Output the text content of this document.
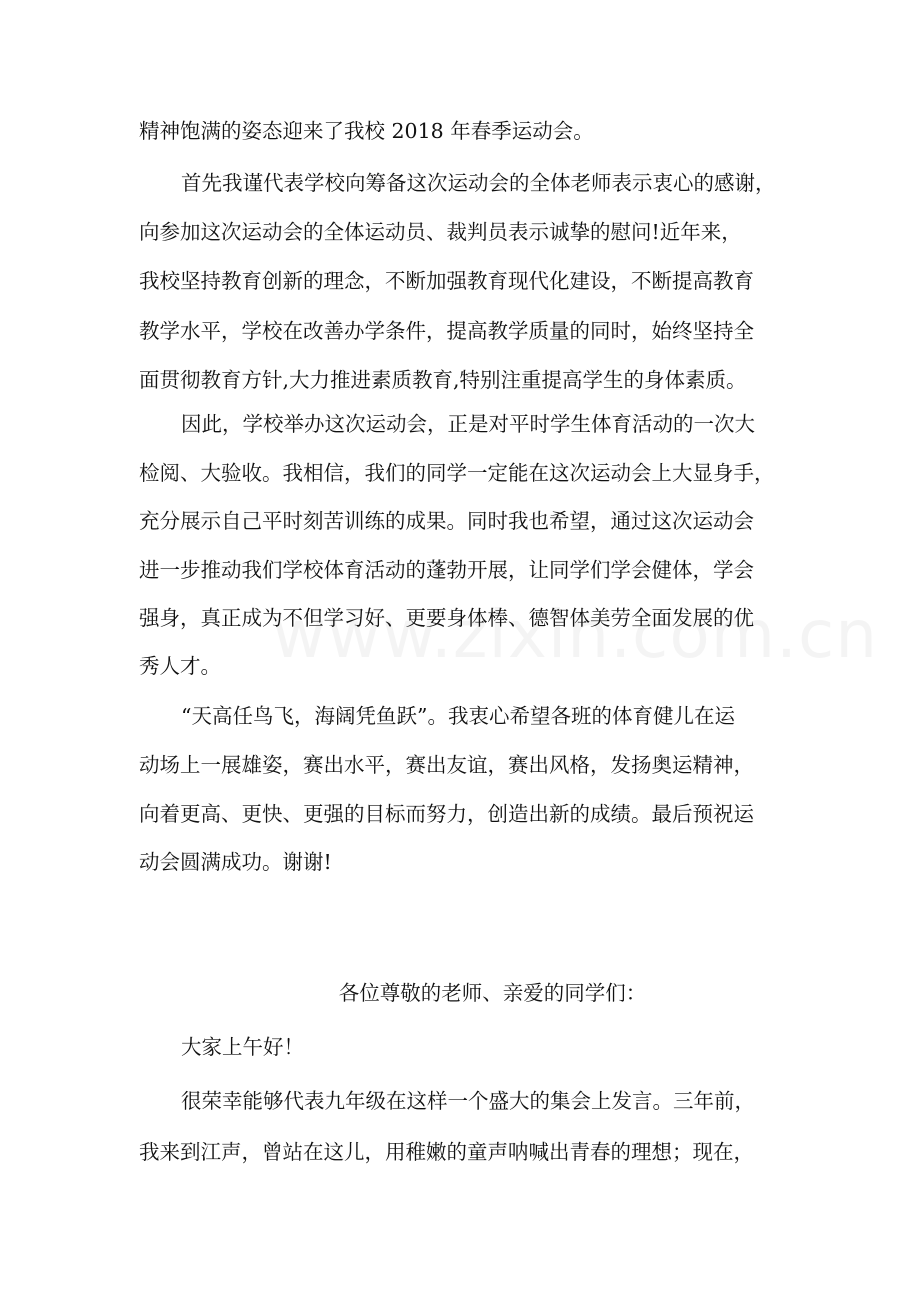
精神饱满的姿态迎来了我校 2018 年春季运动会。
首先我谨代表学校向筹备这次运动会的全体老师表示衷心的感谢，
向参加这次运动会的全体运动员、裁判员表示诚挚的慰问!近年来，
我校坚持教育创新的理念，不断加强教育现代化建设，不断提高教育
教学水平，学校在改善办学条件，提高教学质量的同时，始终坚持全
面贯彻教育方针,大力推进素质教育,特别注重提高学生的身体素质。
因此，学校举办这次运动会，正是对平时学生体育活动的一次大
检阅、大验收。我相信，我们的同学一定能在这次运动会上大显身手，
充分展示自己平时刻苦训练的成果。同时我也希望，通过这次运动会
进一步推动我们学校体育活动的蓬勃开展，让同学们学会健体，学会
强身，真正成为不但学习好、更要身体棒、德智体美劳全面发展的优
秀人才。
“天高任鸟飞，海阔凭鱼跃”。我衷心希望各班的体育健儿在运
动场上一展雄姿，赛出水平，赛出友谊，赛出风格，发扬奥运精神，
向着更高、更快、更强的目标而努力，创造出新的成绩。最后预祝运
动会圆满成功。谢谢!
各位尊敬的老师、亲爱的同学们：
大家上午好！
很荣幸能够代表九年级在这样一个盛大的集会上发言。三年前，
我来到江声，曾站在这儿，用稚嫩的童声呐喊出青春的理想；现在，
